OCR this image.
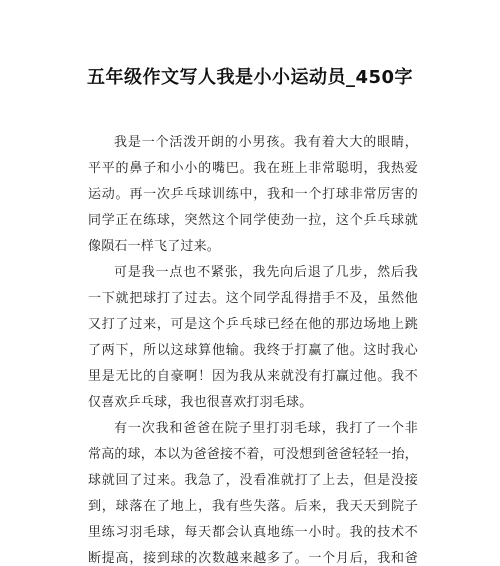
五年级作文写人我是小小运动员_450字
我是一个活泼开朗的小男孩。我有着大大的眼睛，
平平的鼻子和小小的嘴巴。我在班上非常聪明，我热爱
运动。再一次乒乓球训练中，我和一个打球非常厉害的
同学正在练球，突然这个同学使劲一拉，这个乒乓球就
像陨石一样飞了过来。
可是我一点也不紧张，我先向后退了几步，然后我
一下就把球打了过去。这个同学乱得措手不及，虽然他
又打了过来，可是这个乒乓球已经在他的那边场地上跳
了两下，所以这球算他输。我终于打赢了他。这时我心
里是无比的自豪啊！因为我从来就没有打赢过他。我不
仅喜欢乒乓球，我也很喜欢打羽毛球。
有一次我和爸爸在院子里打羽毛球，我打了一个非
常高的球，本以为爸爸接不着，可没想到爸爸轻轻一抬，
球就回了过来。我急了，没看准就打了上去，但是没接
到，球落在了地上，我有些失落。后来，我天天到院子
里练习羽毛球，每天都会认真地练一小时。我的技术不
断提高，接到球的次数越来越多了。一个月后，我和爸
